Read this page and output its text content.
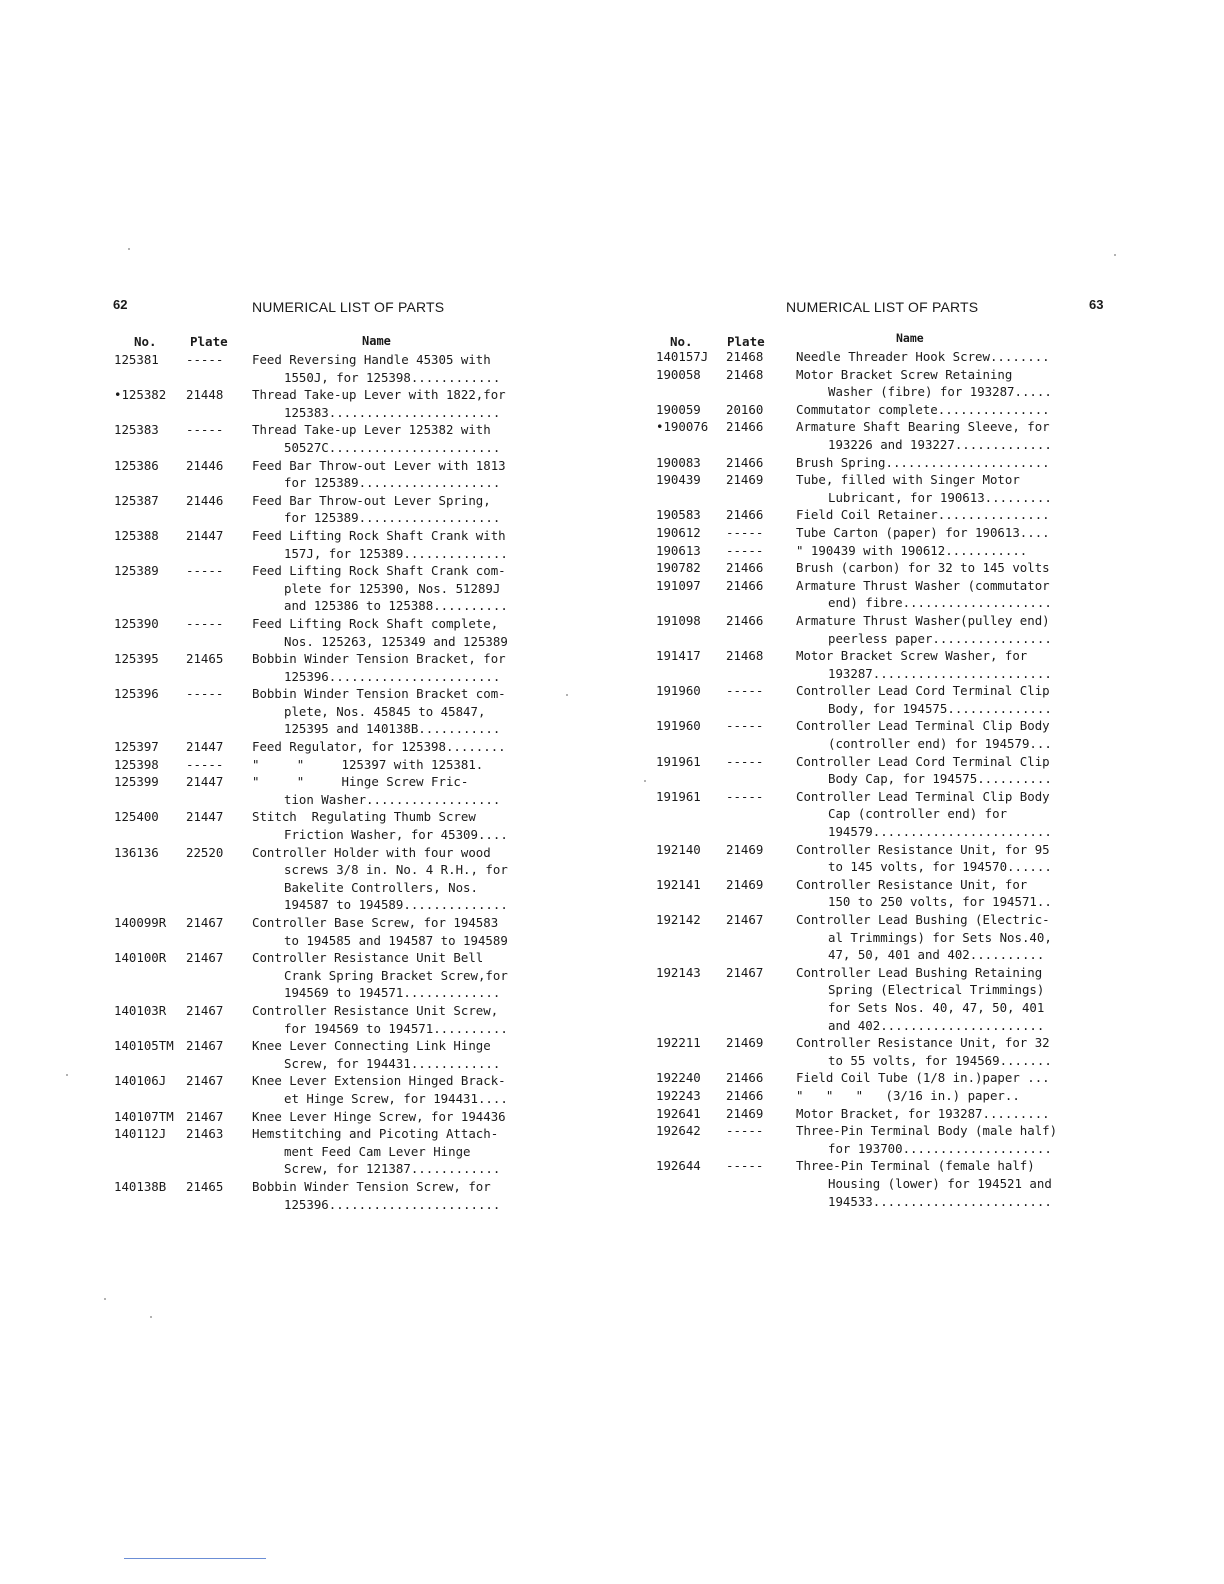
62	NUMERICAL LIST OF PARTS
No.	Plate	Name
125381	-----	Feed Reversing Handle 45305 with
1550J, for 125398............
•125382	21448	Thread Take-up Lever with 1822,for
125383.......................
125383	-----	Thread Take-up Lever 125382 with
50527C.......................
125386	21446	Feed Bar Throw-out Lever with 1813
for 125389...................
125387	21446	Feed Bar Throw-out Lever Spring,
for 125389...................
125388	21447	Feed Lifting Rock Shaft Crank with
157J, for 125389..............
125389	-----	Feed Lifting Rock Shaft Crank com-
plete for 125390, Nos. 51289J
and 125386 to 125388..........
125390	-----	Feed Lifting Rock Shaft complete,
Nos. 125263, 125349 and 125389
125395	21465	Bobbin Winder Tension Bracket, for
125396.......................
125396	-----	Bobbin Winder Tension Bracket com-
plete, Nos. 45845 to 45847,
125395 and 140138B...........
125397	21447	Feed Regulator, for 125398........
125398	-----	"     "     125397 with 125381.
125399	21447	"     "     Hinge Screw Fric-
tion Washer..................
125400	21447	Stitch  Regulating Thumb Screw
Friction Washer, for 45309....
136136	22520	Controller Holder with four wood
screws 3/8 in. No. 4 R.H., for
Bakelite Controllers, Nos.
194587 to 194589..............
140099R	21467	Controller Base Screw, for 194583
to 194585 and 194587 to 194589
140100R	21467	Controller Resistance Unit Bell
Crank Spring Bracket Screw,for
194569 to 194571.............
140103R	21467	Controller Resistance Unit Screw,
for 194569 to 194571..........
140105TM 21467	Knee Lever Connecting Link Hinge
Screw, for 194431............
140106J	21467	Knee Lever Extension Hinged Brack-
et Hinge Screw, for 194431....
140107TM 21467	Knee Lever Hinge Screw, for 194436
140112J	21463	Hemstitching and Picoting Attach-
ment Feed Cam Lever Hinge
Screw, for 121387............
140138B	21465	Bobbin Winder Tension Screw, for
125396.......................
NUMERICAL LIST OF PARTS	63
No.	Plate	Name
140157J	21468	Needle Threader Hook Screw........
190058	21468	Motor Bracket Screw Retaining
Washer (fibre) for 193287.....
190059	20160	Commutator complete...............
•190076	21466	Armature Shaft Bearing Sleeve, for
193226 and 193227.............
190083	21466	Brush Spring......................
190439	21469	Tube, filled with Singer Motor
Lubricant, for 190613.........
190583	21466	Field Coil Retainer...............
190612	-----	Tube Carton (paper) for 190613....
190613	-----	" 190439 with 190612...........
190782	21466	Brush (carbon) for 32 to 145 volts
191097	21466	Armature Thrust Washer (commutator
end) fibre....................
191098	21466	Armature Thrust Washer(pulley end)
peerless paper................
191417	21468	Motor Bracket Screw Washer, for
193287........................
191960	-----	Controller Lead Cord Terminal Clip
Body, for 194575..............
191960	-----	Controller Lead Terminal Clip Body
(controller end) for 194579...
191961	-----	Controller Lead Cord Terminal Clip
Body Cap, for 194575..........
191961	-----	Controller Lead Terminal Clip Body
Cap (controller end) for
194579........................
192140	21469	Controller Resistance Unit, for 95
to 145 volts, for 194570......
192141	21469	Controller Resistance Unit, for
150 to 250 volts, for 194571..
192142	21467	Controller Lead Bushing (Electric-
al Trimmings) for Sets Nos.40,
47, 50, 401 and 402..........
192143	21467	Controller Lead Bushing Retaining
Spring (Electrical Trimmings)
for Sets Nos. 40, 47, 50, 401
and 402......................
192211	21469	Controller Resistance Unit, for 32
to 55 volts, for 194569.......
192240	21466	Field Coil Tube (1/8 in.)paper ...
192243	21466	"   "   "   (3/16 in.) paper..
192641	21469	Motor Bracket, for 193287.........
192642	-----	Three-Pin Terminal Body (male half)
for 193700....................
192644	-----	Three-Pin Terminal (female half)
Housing (lower) for 194521 and
194533........................
